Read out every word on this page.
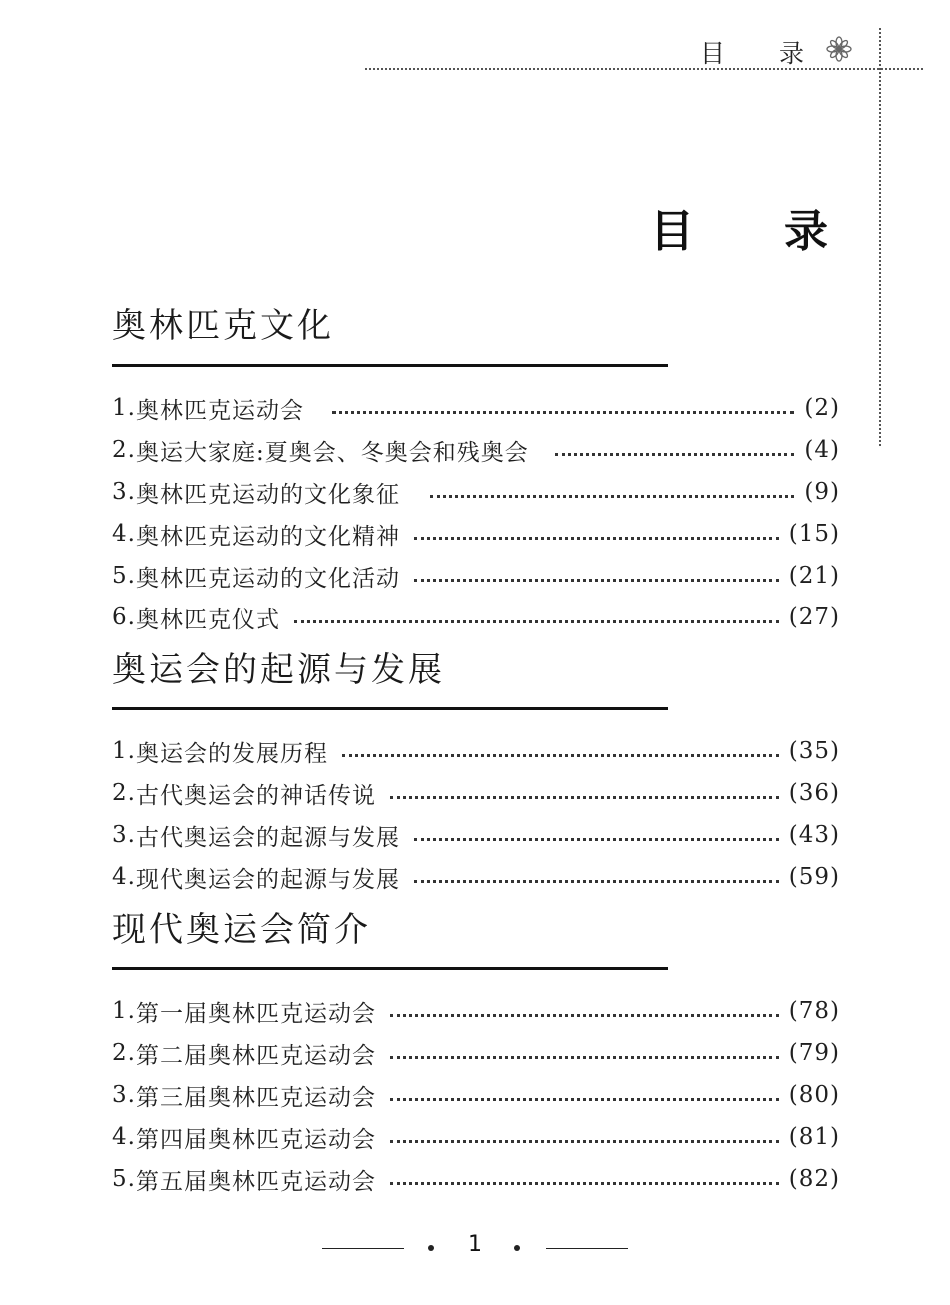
目 录
目 录
奥林匹克文化
1. 奥林匹克运动会	(2)
2. 奥运大家庭:夏奥会、冬奥会和残奥会	(4)
3. 奥林匹克运动的文化象征	(9)
4. 奥林匹克运动的文化精神	(15)
5. 奥林匹克运动的文化活动	(21)
6. 奥林匹克仪式	(27)
奥运会的起源与发展
1. 奥运会的发展历程	(35)
2. 古代奥运会的神话传说	(36)
3. 古代奥运会的起源与发展	(43)
4. 现代奥运会的起源与发展	(59)
现代奥运会简介
1. 第一届奥林匹克运动会	(78)
2. 第二届奥林匹克运动会	(79)
3. 第三届奥林匹克运动会	(80)
4. 第四届奥林匹克运动会	(81)
5. 第五届奥林匹克运动会	(82)
1
